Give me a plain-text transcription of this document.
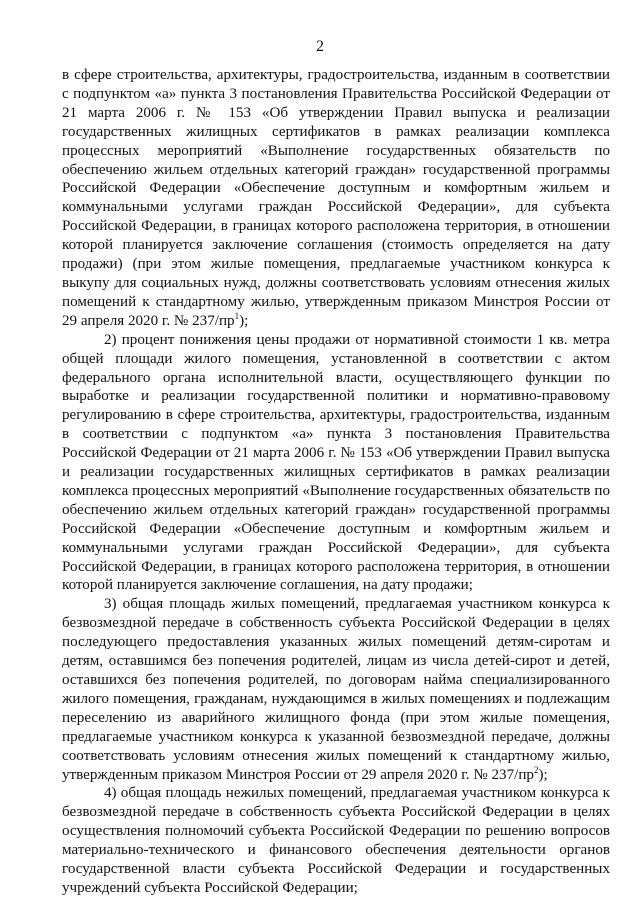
2

в сфере строительства, архитектуры, градостроительства, изданным в соответствии с подпунктом «а» пункта 3 постановления Правительства Российской Федерации от 21 марта 2006 г. № 153 «Об утверждении Правил выпуска и реализации государственных жилищных сертификатов в рамках реализации комплекса процессных мероприятий «Выполнение государственных обязательств по обеспечению жильем отдельных категорий граждан» государственной программы Российской Федерации «Обеспечение доступным и комфортным жильем и коммунальными услугами граждан Российской Федерации», для субъекта Российской Федерации, в границах которого расположена территория, в отношении которой планируется заключение соглашения (стоимость определяется на дату продажи) (при этом жилые помещения, предлагаемые участником конкурса к выкупу для социальных нужд, должны соответствовать условиям отнесения жилых помещений к стандартному жилью, утвержденным приказом Минстроя России от 29 апреля 2020 г. № $237/пр^1$);

2) процент понижения цены продажи от нормативной стоимости 1 кв. метра общей площади жилого помещения, установленной в соответствии с актом федерального органа исполнительной власти, осуществляющего функции по выработке и реализации государственной политики и нормативно-правовому регулированию в сфере строительства, архитектуры, градостроительства, изданным в соответствии с подпунктом «а» пункта 3 постановления Правительства Российской Федерации от 21 марта 2006 г. № 153 «Об утверждении Правил выпуска и реализации государственных жилищных сертификатов в рамках реализации комплекса процессных мероприятий «Выполнение государственных обязательств по обеспечению жильем отдельных категорий граждан» государственной программы Российской Федерации «Обеспечение доступным и комфортным жильем и коммунальными услугами граждан Российской Федерации», для субъекта Российской Федерации, в границах которого расположена территория, в отношении которой планируется заключение соглашения, на дату продажи;

3) общая площадь жилых помещений, предлагаемая участником конкурса к безвозмездной передаче в собственность субъекта Российской Федерации в целях последующего предоставления указанных жилых помещений детям-сиротам и детям, оставшимся без попечения родителей, лицам из числа детей-сирот и детей, оставшихся без попечения родителей, по договорам найма специализированного жилого помещения, гражданам, нуждающимся в жилых помещениях и подлежащим переселению из аварийного жилищного фонда (при этом жилые помещения, предлагаемые участником конкурса к указанной безвозмездной передаче, должны соответствовать условиям отнесения жилых помещений к стандартному жилью, утвержденным приказом Минстроя России от 29 апреля 2020 г. № $237/пр^2$);

4) общая площадь нежилых помещений, предлагаемая участником конкурса к безвозмездной передаче в собственность субъекта Российской Федерации в целях осуществления полномочий субъекта Российской Федерации по решению вопросов материально-технического и финансового обеспечения деятельности органов государственной власти субъекта Российской Федерации и государственных учреждений субъекта Российской Федерации;
